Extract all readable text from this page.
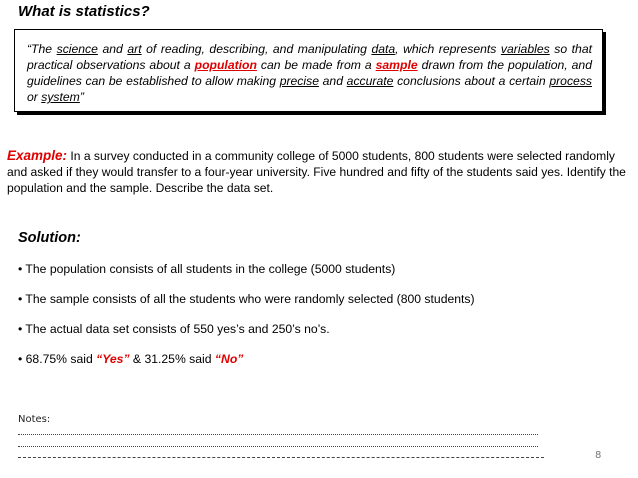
What is statistics?
“The science and art of reading, describing, and manipulating data, which represents variables so that practical observations about a population can be made from a sample drawn from the population, and guidelines can be established to allow making precise and accurate conclusions about a certain process or system”
Example: In a survey conducted in a community college of 5000 students, 800 students were selected randomly and asked if they would transfer to a four-year university. Five hundred and fifty of the students said yes. Identify the population and the sample. Describe the data set.
Solution:
• The population consists of all students in the college (5000 students)
• The sample consists of all the students who were randomly selected (800 students)
• The actual data set consists of 550 yes’s and 250’s no’s.
• 68.75% said “Yes” & 31.25% said “No”
Notes:
8
